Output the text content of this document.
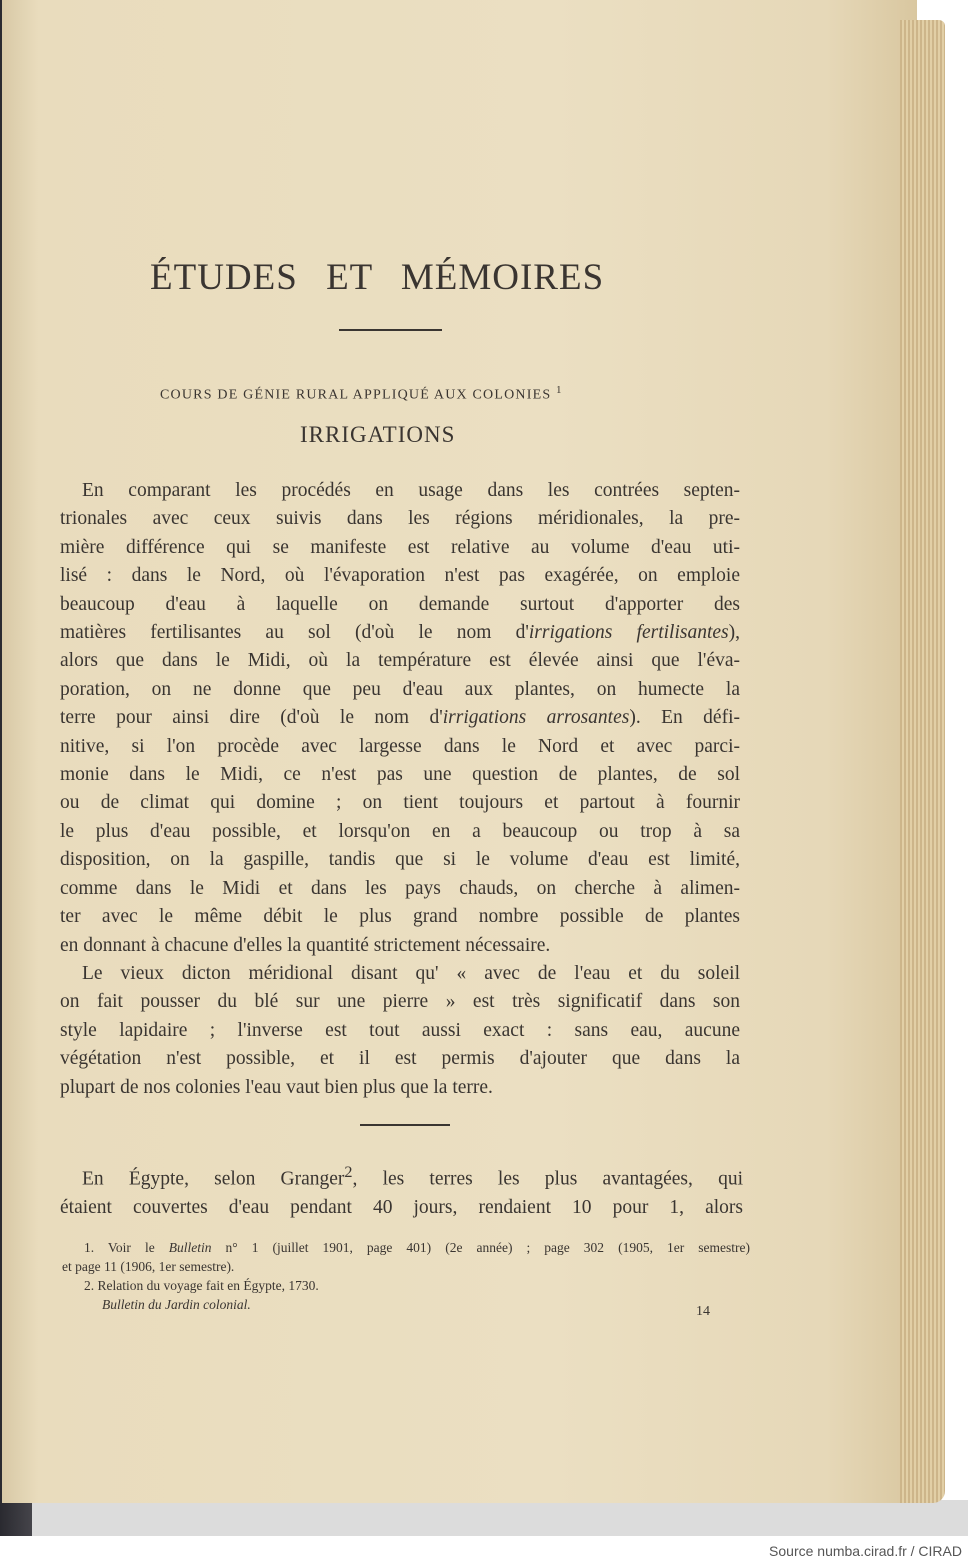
ÉTUDES ET MÉMOIRES
COURS DE GÉNIE RURAL APPLIQUÉ AUX COLONIES $^1$
IRRIGATIONS
En comparant les procédés en usage dans les contrées septen-
trionales avec ceux suivis dans les régions méridionales, la pre-
mière différence qui se manifeste est relative au volume d'eau uti-
lisé : dans le Nord, où l'évaporation n'est pas exagérée, on emploie
beaucoup d'eau à laquelle on demande surtout d'apporter des
matières fertilisantes au sol (d'où le nom d'irrigations fertilisantes),
alors que dans le Midi, où la température est élevée ainsi que l'éva-
poration, on ne donne que peu d'eau aux plantes, on humecte la
terre pour ainsi dire (d'où le nom d'irrigations arrosantes). En défi-
nitive, si l'on procède avec largesse dans le Nord et avec parci-
monie dans le Midi, ce n'est pas une question de plantes, de sol
ou de climat qui domine ; on tient toujours et partout à fournir
le plus d'eau possible, et lorsqu'on en a beaucoup ou trop à sa
disposition, on la gaspille, tandis que si le volume d'eau est limité,
comme dans le Midi et dans les pays chauds, on cherche à alimen-
ter avec le même débit le plus grand nombre possible de plantes
en donnant à chacune d'elles la quantité strictement nécessaire.
Le vieux dicton méridional disant qu' « avec de l'eau et du soleil
on fait pousser du blé sur une pierre » est très significatif dans son
style lapidaire ; l'inverse est tout aussi exact : sans eau, aucune
végétation n'est possible, et il est permis d'ajouter que dans la
plupart de nos colonies l'eau vaut bien plus que la terre.
En Égypte, selon Granger$^2$, les terres les plus avantagées, qui
étaient couvertes d'eau pendant 40 jours, rendaient 10 pour 1, alors
1. Voir le Bulletin n° 1 (juillet 1901, page 401) (2e année) ; page 302 (1905, 1er semestre)
et page 11 (1906, 1er semestre).
2. Relation du voyage fait en Égypte, 1730.
Bulletin du Jardin colonial.	14
Source numba.cirad.fr / CIRAD
